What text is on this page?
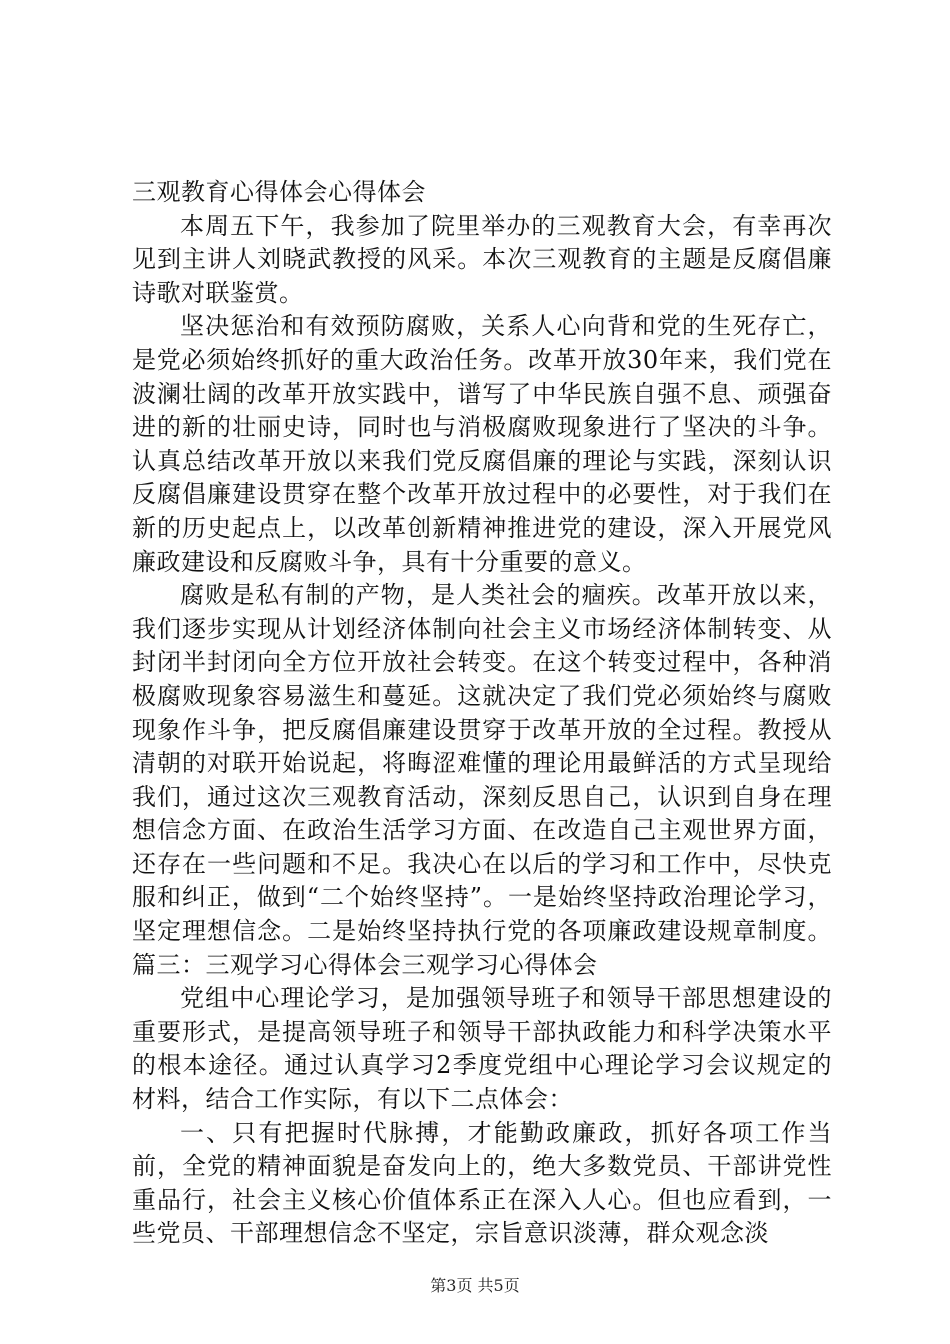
三观教育心得体会心得体会

本周五下午，我参加了院里举办的三观教育大会，有幸再次见到主讲人刘晓武教授的风采。本次三观教育的主题是反腐倡廉诗歌对联鉴赏。

坚决惩治和有效预防腐败，关系人心向背和党的生死存亡，是党必须始终抓好的重大政治任务。改革开放30年来，我们党在波澜壮阔的改革开放实践中，谱写了中华民族自强不息、顽强奋进的新的壮丽史诗，同时也与消极腐败现象进行了坚决的斗争。认真总结改革开放以来我们党反腐倡廉的理论与实践，深刻认识反腐倡廉建设贯穿在整个改革开放过程中的必要性，对于我们在新的历史起点上，以改革创新精神推进党的建设，深入开展党风廉政建设和反腐败斗争，具有十分重要的意义。

腐败是私有制的产物，是人类社会的痼疾。改革开放以来，我们逐步实现从计划经济体制向社会主义市场经济体制转变、从封闭半封闭向全方位开放社会转变。在这个转变过程中，各种消极腐败现象容易滋生和蔓延。这就决定了我们党必须始终与腐败现象作斗争，把反腐倡廉建设贯穿于改革开放的全过程。教授从清朝的对联开始说起，将晦涩难懂的理论用最鲜活的方式呈现给我们，通过这次三观教育活动，深刻反思自己，认识到自身在理想信念方面、在政治生活学习方面、在改造自己主观世界方面，还存在一些问题和不足。我决心在以后的学习和工作中，尽快克服和纠正，做到“二个始终坚持”。一是始终坚持政治理论学习，坚定理想信念。二是始终坚持执行党的各项廉政建设规章制度。篇三：三观学习心得体会三观学习心得体会

党组中心理论学习，是加强领导班子和领导干部思想建设的重要形式，是提高领导班子和领导干部执政能力和科学决策水平的根本途径。通过认真学习2季度党组中心理论学习会议规定的材料，结合工作实际，有以下二点体会：

一、只有把握时代脉搏，才能勤政廉政，抓好各项工作当前，全党的精神面貌是奋发向上的，绝大多数党员、干部讲党性重品行，社会主义核心价值体系正在深入人心。但也应看到，一些党员、干部理想信念不坚定，宗旨意识淡薄，群众观念淡

第3页 共5页
